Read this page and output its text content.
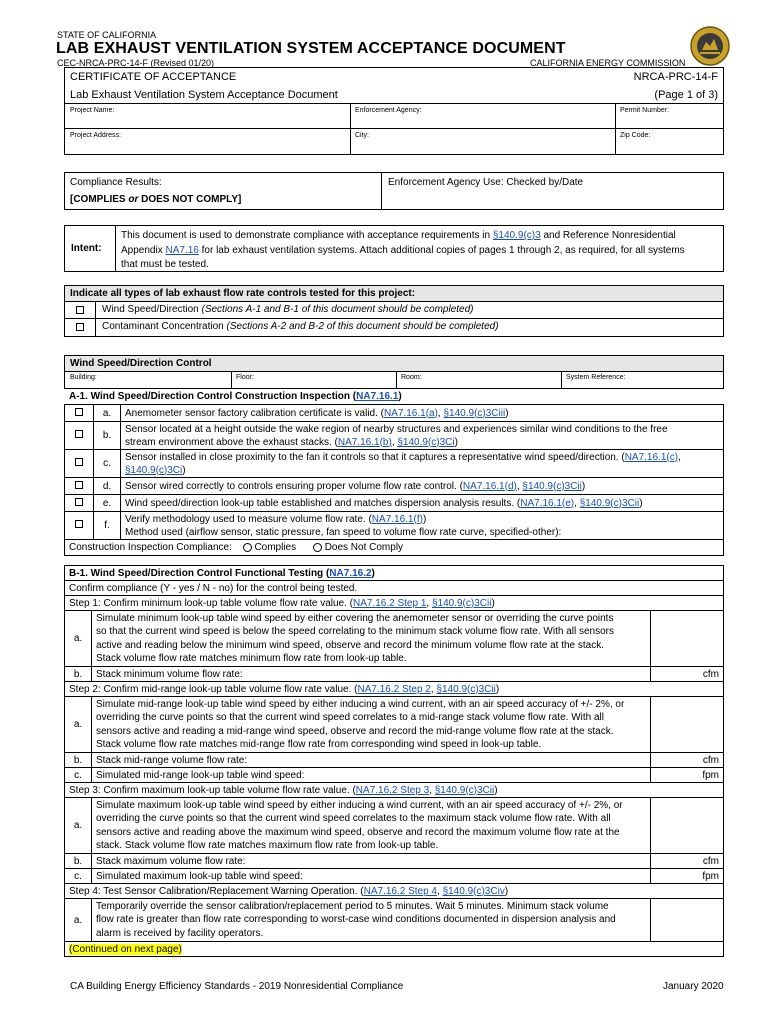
STATE OF CALIFORNIA
LAB EXHAUST VENTILATION SYSTEM ACCEPTANCE DOCUMENT
CEC-NRCA-PRC-14-F (Revised 01/20)	CALIFORNIA ENERGY COMMISSION
CERTIFICATE OF ACCEPTANCE	NRCA-PRC-14-F
Lab Exhaust Ventilation System Acceptance Document	(Page 1 of 3)
Project Name:	Enforcement Agency:	Permit Number:
Project Address:	City:	Zip Code:
Compliance Results:
[COMPLIES or DOES NOT COMPLY]
Enforcement Agency Use: Checked by/Date
Intent:
This document is used to demonstrate compliance with acceptance requirements in §140.9(c)3 and Reference Nonresidential
Appendix NA7.16 for lab exhaust ventilation systems. Attach additional copies of pages 1 through 2, as required, for all systems
that must be tested.
Indicate all types of lab exhaust flow rate controls tested for this project:
Wind Speed/Direction (Sections A-1 and B-1 of this document should be completed)
Contaminant Concentration (Sections A-2 and B-2 of this document should be completed)
Wind Speed/Direction Control
Building:	Floor:	Room:	System Reference:
A-1. Wind Speed/Direction Control Construction Inspection (NA7.16.1)
	a.	Anemometer sensor factory calibration certificate is valid. (NA7.16.1(a), §140.9(c)3Ciii)
	b.	Sensor located at a height outside the wake region of nearby structures and experiences similar wind conditions to the free
stream environment above the exhaust stacks. (NA7.16.1(b), §140.9(c)3Ci)
	c.	Sensor installed in close proximity to the fan it controls so that it captures a representative wind speed/direction. (NA7.16.1(c),
§140.9(c)3Ci)
	d.	Sensor wired correctly to controls ensuring proper volume flow rate control. (NA7.16.1(d), §140.9(c)3Cii)
	e.	Wind speed/direction look-up table established and matches dispersion analysis results. (NA7.16.1(e), §140.9(c)3Cii)
	f.	Verify methodology used to measure volume flow rate. (NA7.16.1(f))
Method used (airflow sensor, static pressure, fan speed to volume flow rate curve, specified-other):
Construction Inspection Compliance: Complies Does Not Comply		
B-1. Wind Speed/Direction Control Functional Testing (NA7.16.2)		
Confirm compliance (Y - yes / N - no) for the control being tested.		
Step 1: Confirm minimum look-up table volume flow rate value. (NA7.16.2 Step 1, §140.9(c)3Cii)		
a.	Simulate minimum look-up table wind speed by either covering the anemometer sensor or overriding the curve points
so that the current wind speed is below the speed correlating to the minimum stack volume flow rate. With all sensors
active and reading below the minimum wind speed, observe and record the minimum volume flow rate at the stack.
Stack volume flow rate matches minimum flow rate from look-up table.	
b.	Stack minimum volume flow rate:	cfm
Step 2: Confirm mid-range look-up table volume flow rate value. (NA7.16.2 Step 2, §140.9(c)3Cii)		
a.	Simulate mid-range look-up table wind speed by either inducing a wind current, with an air speed accuracy of +/- 2%, or
overriding the curve points so that the current wind speed correlates to a mid-range stack volume flow rate. With all
sensors active and reading a mid-range wind speed, observe and record the mid-range volume flow rate at the stack.
Stack volume flow rate matches mid-range flow rate from corresponding wind speed in look-up table.	
b.	Stack mid-range volume flow rate:	cfm
c.	Simulated mid-range look-up table wind speed:	fpm
Step 3: Confirm maximum look-up table volume flow rate value. (NA7.16.2 Step 3, §140.9(c)3Cii)		
a.	Simulate maximum look-up table wind speed by either inducing a wind current, with an air speed accuracy of +/- 2%, or
overriding the curve points so that the current wind speed correlates to the maximum stack volume flow rate. With all
sensors active and reading above the maximum wind speed, observe and record the maximum volume flow rate at the
stack. Stack volume flow rate matches maximum flow rate from look-up table.	
b.	Stack maximum volume flow rate:	cfm
c.	Simulated maximum look-up table wind speed:	fpm
Step 4: Test Sensor Calibration/Replacement Warning Operation. (NA7.16.2 Step 4, §140.9(c)3Civ)		
a.	Temporarily override the sensor calibration/replacement period to 5 minutes. Wait 5 minutes. Minimum stack volume
flow rate is greater than flow rate corresponding to worst-case wind conditions documented in dispersion analysis and
alarm is received by facility operators.	
(Continued on next page)		
CA Building Energy Efficiency Standards - 2019 Nonresidential Compliance	January 2020
